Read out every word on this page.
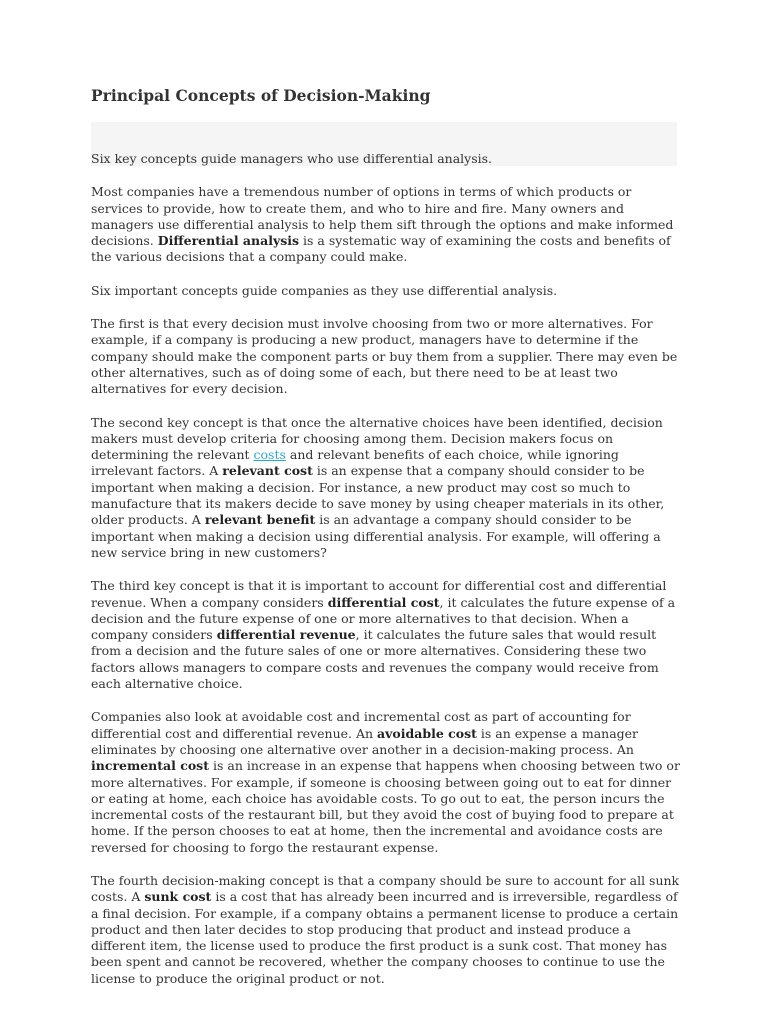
Principal Concepts of Decision-Making

Six key concepts guide managers who use differential analysis.

Most companies have a tremendous number of options in terms of which products or services to provide, how to create them, and who to hire and fire. Many owners and managers use differential analysis to help them sift through the options and make informed decisions. Differential analysis is a systematic way of examining the costs and benefits of the various decisions that a company could make.

Six important concepts guide companies as they use differential analysis.

The first is that every decision must involve choosing from two or more alternatives. For example, if a company is producing a new product, managers have to determine if the company should make the component parts or buy them from a supplier. There may even be other alternatives, such as of doing some of each, but there need to be at least two alternatives for every decision.

The second key concept is that once the alternative choices have been identified, decision makers must develop criteria for choosing among them. Decision makers focus on determining the relevant costs and relevant benefits of each choice, while ignoring irrelevant factors. A relevant cost is an expense that a company should consider to be important when making a decision. For instance, a new product may cost so much to manufacture that its makers decide to save money by using cheaper materials in its other, older products. A relevant benefit is an advantage a company should consider to be important when making a decision using differential analysis. For example, will offering a new service bring in new customers?

The third key concept is that it is important to account for differential cost and differential revenue. When a company considers differential cost, it calculates the future expense of a decision and the future expense of one or more alternatives to that decision. When a company considers differential revenue, it calculates the future sales that would result from a decision and the future sales of one or more alternatives. Considering these two factors allows managers to compare costs and revenues the company would receive from each alternative choice.

Companies also look at avoidable cost and incremental cost as part of accounting for differential cost and differential revenue. An avoidable cost is an expense a manager eliminates by choosing one alternative over another in a decision-making process. An incremental cost is an increase in an expense that happens when choosing between two or more alternatives. For example, if someone is choosing between going out to eat for dinner or eating at home, each choice has avoidable costs. To go out to eat, the person incurs the incremental costs of the restaurant bill, but they avoid the cost of buying food to prepare at home. If the person chooses to eat at home, then the incremental and avoidance costs are reversed for choosing to forgo the restaurant expense.

The fourth decision-making concept is that a company should be sure to account for all sunk costs. A sunk cost is a cost that has already been incurred and is irreversible, regardless of a final decision. For example, if a company obtains a permanent license to produce a certain product and then later decides to stop producing that product and instead produce a different item, the license used to produce the first product is a sunk cost. That money has been spent and cannot be recovered, whether the company chooses to continue to use the license to produce the original product or not.
